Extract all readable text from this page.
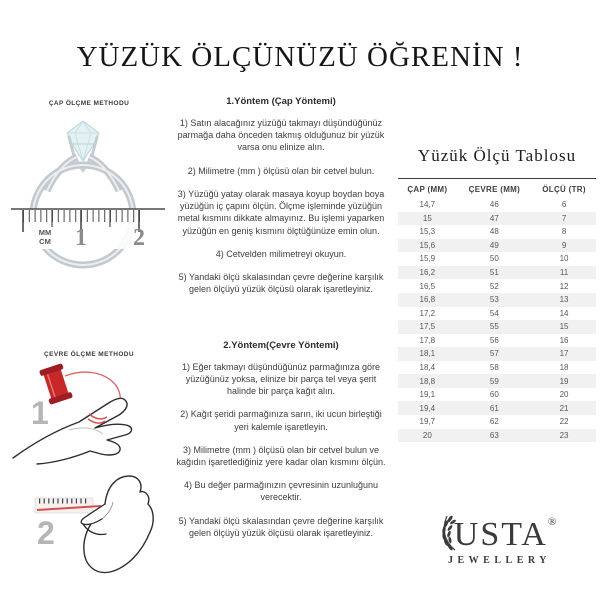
YÜZÜK ÖLÇÜNÜZÜ ÖĞRENİN !
ÇAP ÖLÇME METHODU
MM
CM 1 2
ÇEVRE ÖLÇME METHODU
1
2
1.Yöntem (Çap Yöntemi)

1) Satın alacağınız yüzüğü takmayı düşündüğünüz parmağa daha önceden takmış olduğunuz bir yüzük varsa onu elinize alın.

2) Milimetre (mm ) ölçüsü olan bir cetvel bulun.

3) Yüzüğü yatay olarak masaya koyup boydan boya yüzüğün iç çapını ölçün. Ölçme işleminde yüzüğün metal kısmını dikkate almayınız. Bu işlemi yaparken yüzüğün en geniş kısmını ölçtüğünüze emin olun.

4) Cetvelden milimetreyi okuyun.

5) Yandaki ölçü skalasından çevre değerine karşılık gelen ölçüyü yüzük ölçüsü olarak işaretleyiniz.

2.Yöntem(Çevre Yöntemi)

1) Eğer takmayı düşündüğünüz parmağınıza göre yüzüğünüz yoksa, elinize bir parça tel veya şerit halinde bir parça kağıt alın.

2) Kağıt şeridi parmağınıza sarın, iki ucun birleştiği yeri kalemle işaretleyin.

3) Milimetre (mm ) ölçüsü olan bir cetvel bulun ve kağıdın işaretlediğiniz yere kadar olan kısmını ölçün.

4) Bu değer parmağınızın çevresinin uzunluğunu verecektir.

5) Yandaki ölçü skalasından çevre değerine karşılık gelen ölçüyü yüzük ölçüsü olarak işaretleyiniz.

Yüzük Ölçü Tablosu
ÇAP (MM)	ÇEVRE (MM)	ÖLÇÜ (TR)
14,7	46	6
15	47	7
15,3	48	8
15,6	49	9
15,9	50	10
16,2	51	11
16,5	52	12
16,8	53	13
17,2	54	14
17,5	55	15
17,8	56	16
18,1	57	17
18,4	58	18
18,8	59	19
19,1	60	20
19,4	61	21
19,7	62	22
20	63	23
USTA®
JEWELLERY
